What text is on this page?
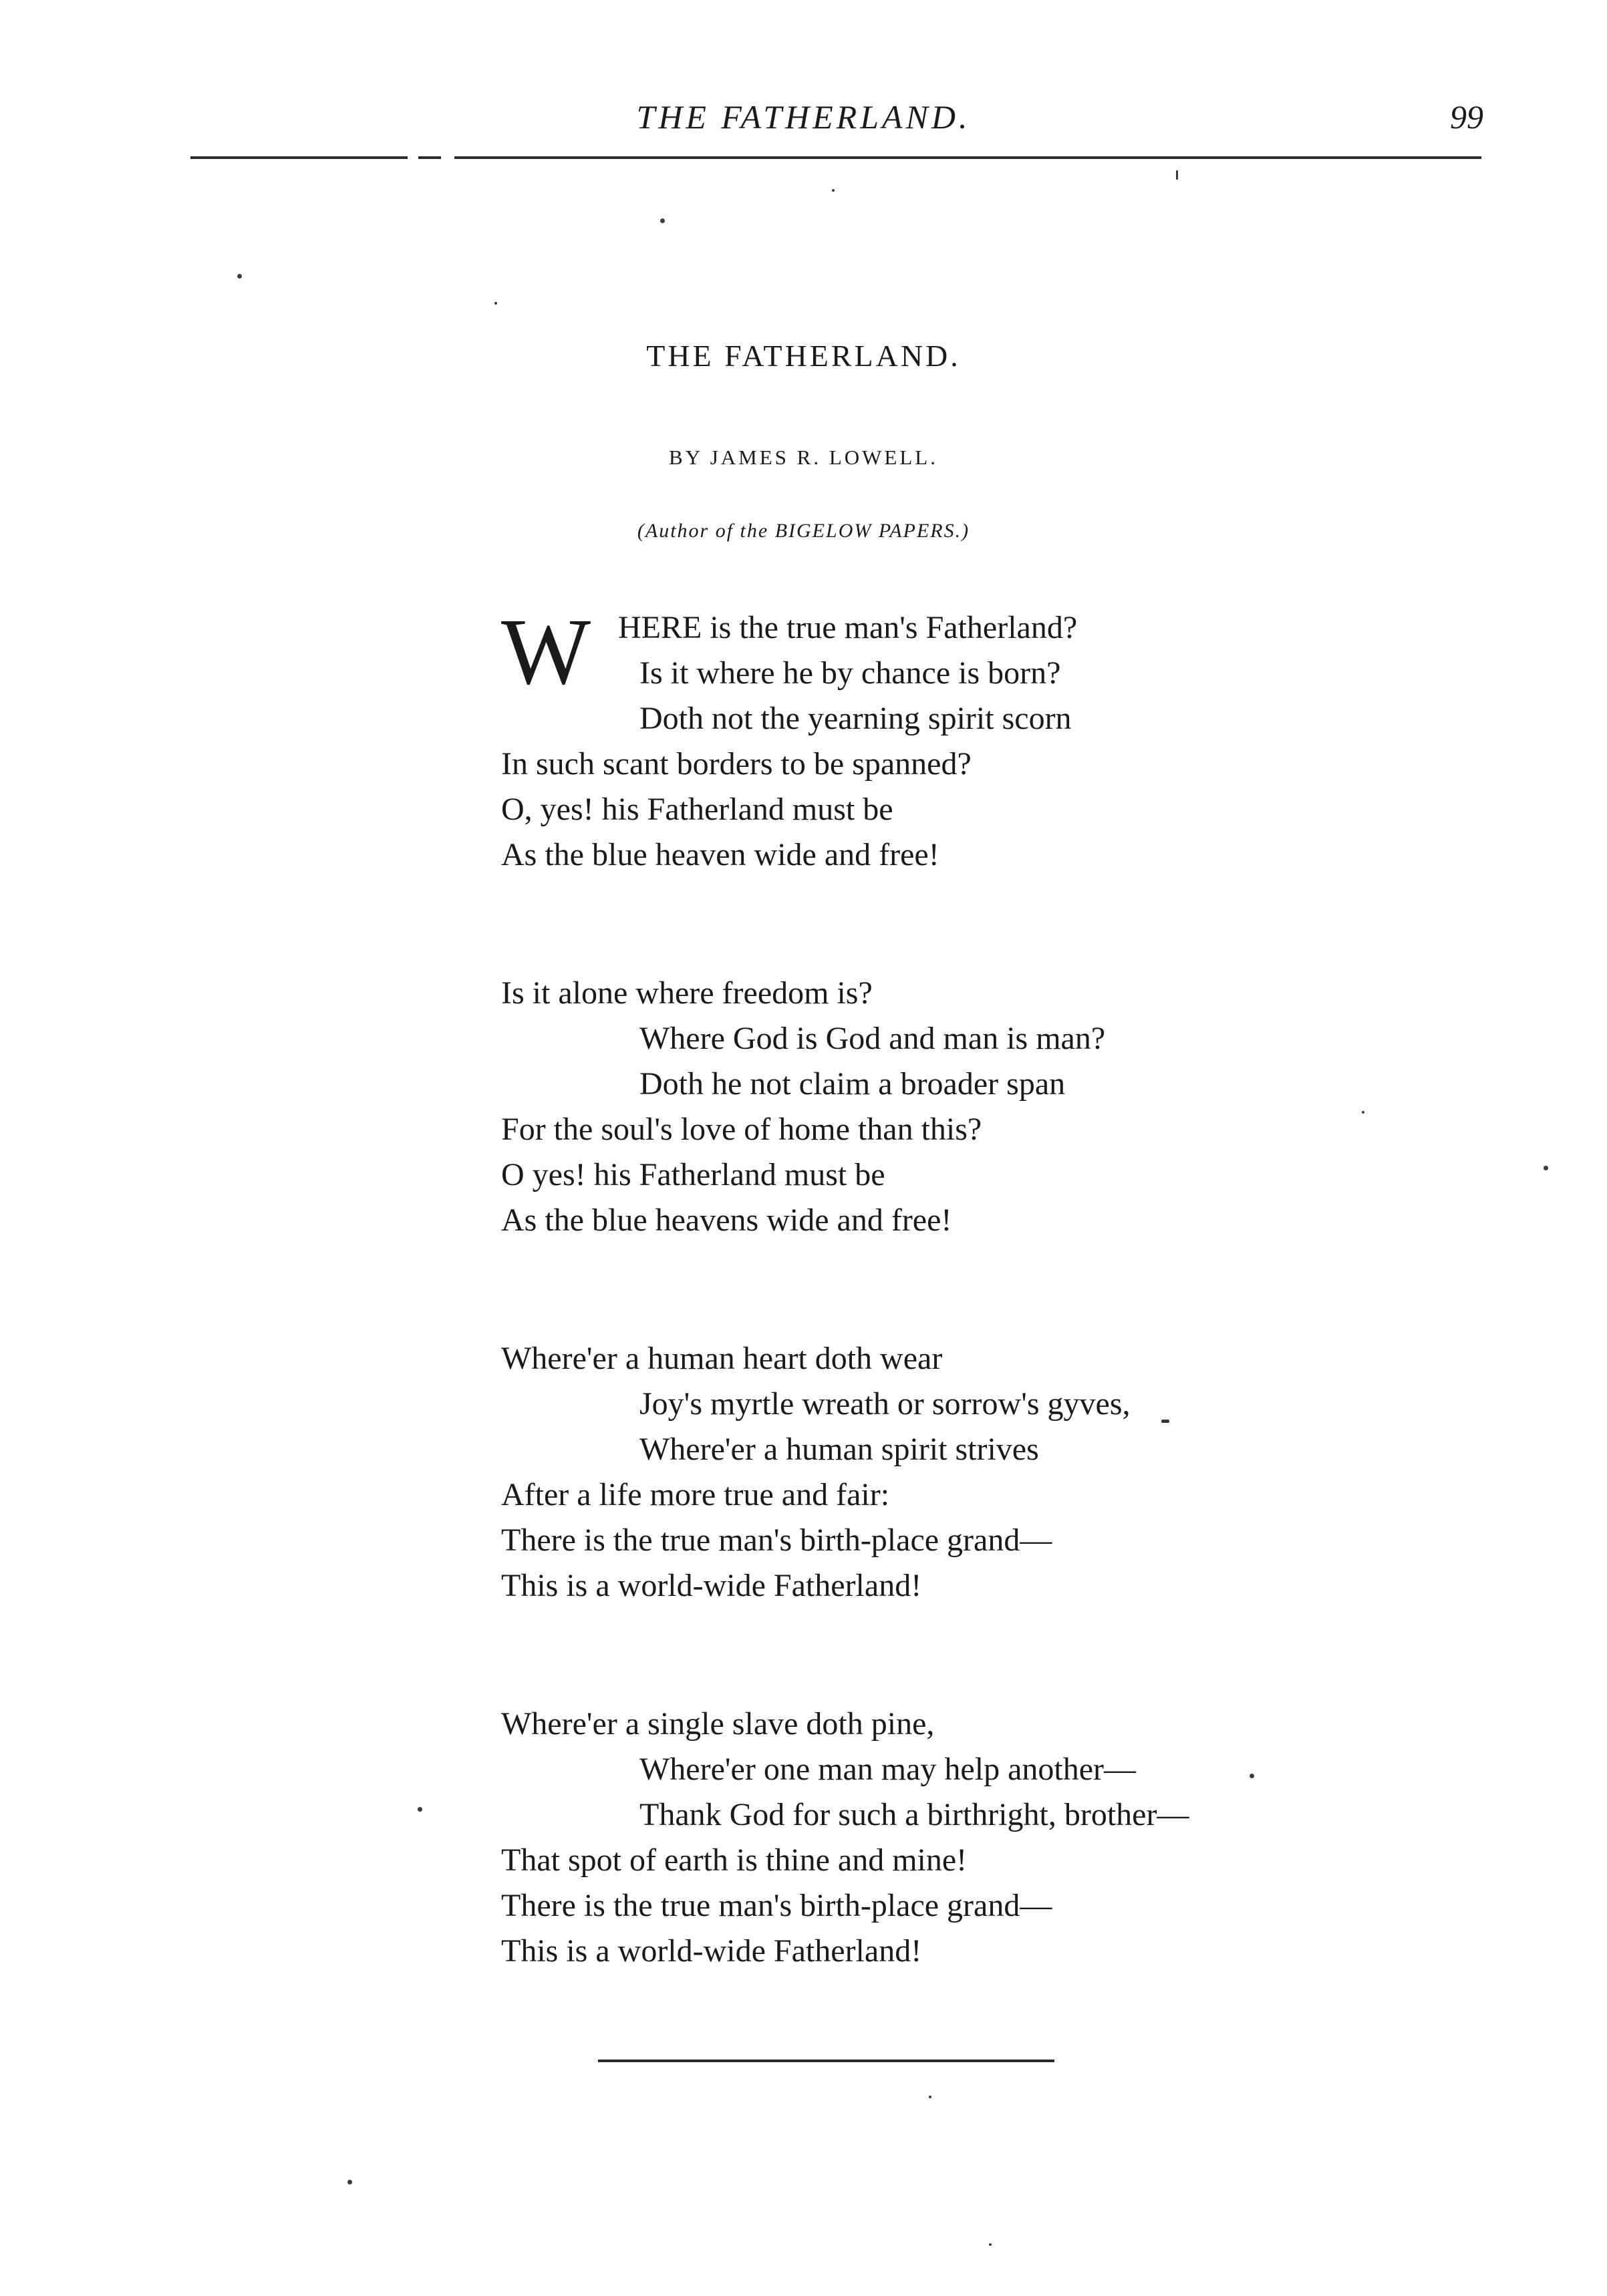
THE FATHERLAND.	99
THE FATHERLAND.
BY JAMES R. LOWELL.
(Author of the BIGELOW PAPERS.)
W HERE is the true man's Fatherland?
Is it where he by chance is born?
Doth not the yearning spirit scorn
In such scant borders to be spanned?
O, yes! his Fatherland must be
As the blue heaven wide and free!
Is it alone where freedom is?
Where God is God and man is man?
Doth he not claim a broader span
For the soul's love of home than this?
O yes! his Fatherland must be
As the blue heavens wide and free!
Where'er a human heart doth wear
Joy's myrtle wreath or sorrow's gyves,
Where'er a human spirit strives
After a life more true and fair:
There is the true man's birth-place grand—
This is a world-wide Fatherland!
Where'er a single slave doth pine,
Where'er one man may help another—
Thank God for such a birthright, brother—
That spot of earth is thine and mine!
There is the true man's birth-place grand—
This is a world-wide Fatherland!
